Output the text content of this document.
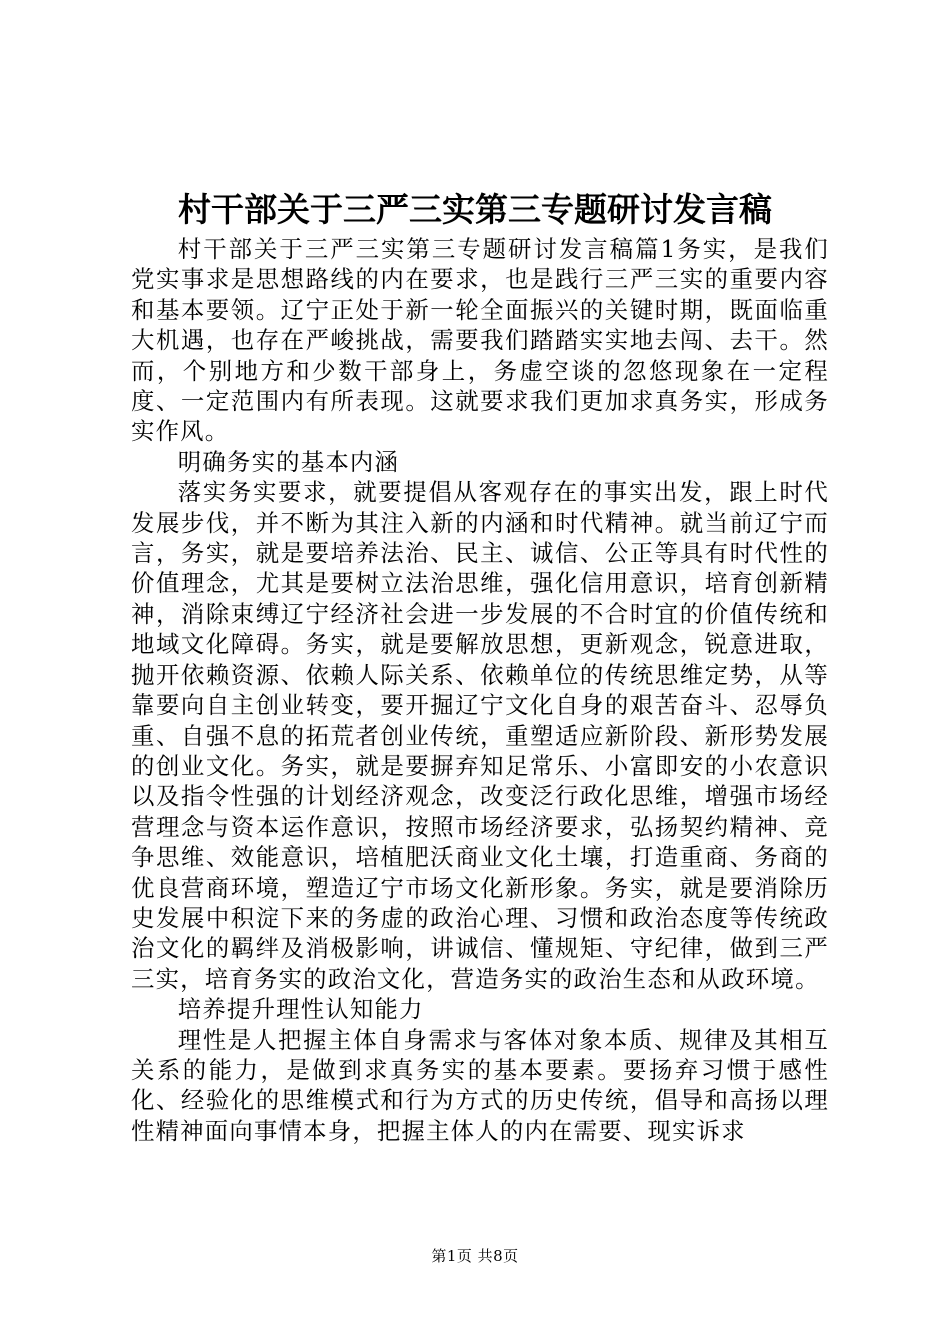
村干部关于三严三实第三专题研讨发言稿

村干部关于三严三实第三专题研讨发言稿篇1务实，是我们党实事求是思想路线的内在要求，也是践行三严三实的重要内容和基本要领。辽宁正处于新一轮全面振兴的关键时期，既面临重大机遇，也存在严峻挑战，需要我们踏踏实实地去闯、去干。然而，个别地方和少数干部身上，务虚空谈的忽悠现象在一定程度、一定范围内有所表现。这就要求我们更加求真务实，形成务实作风。

明确务实的基本内涵

落实务实要求，就要提倡从客观存在的事实出发，跟上时代发展步伐，并不断为其注入新的内涵和时代精神。就当前辽宁而言，务实，就是要培养法治、民主、诚信、公正等具有时代性的价值理念，尤其是要树立法治思维，强化信用意识，培育创新精神，消除束缚辽宁经济社会进一步发展的不合时宜的价值传统和地域文化障碍。务实，就是要解放思想，更新观念，锐意进取，抛开依赖资源、依赖人际关系、依赖单位的传统思维定势，从等靠要向自主创业转变，要开掘辽宁文化自身的艰苦奋斗、忍辱负重、自强不息的拓荒者创业传统，重塑适应新阶段、新形势发展的创业文化。务实，就是要摒弃知足常乐、小富即安的小农意识以及指令性强的计划经济观念，改变泛行政化思维，增强市场经营理念与资本运作意识，按照市场经济要求，弘扬契约精神、竞争思维、效能意识，培植肥沃商业文化土壤，打造重商、务商的优良营商环境，塑造辽宁市场文化新形象。务实，就是要消除历史发展中积淀下来的务虚的政治心理、习惯和政治态度等传统政治文化的羁绊及消极影响，讲诚信、懂规矩、守纪律，做到三严三实，培育务实的政治文化，营造务实的政治生态和从政环境。

培养提升理性认知能力

理性是人把握主体自身需求与客体对象本质、规律及其相互关系的能力，是做到求真务实的基本要素。要扬弃习惯于感性化、经验化的思维模式和行为方式的历史传统，倡导和高扬以理性精神面向事情本身，把握主体人的内在需要、现实诉求

第1页 共8页
